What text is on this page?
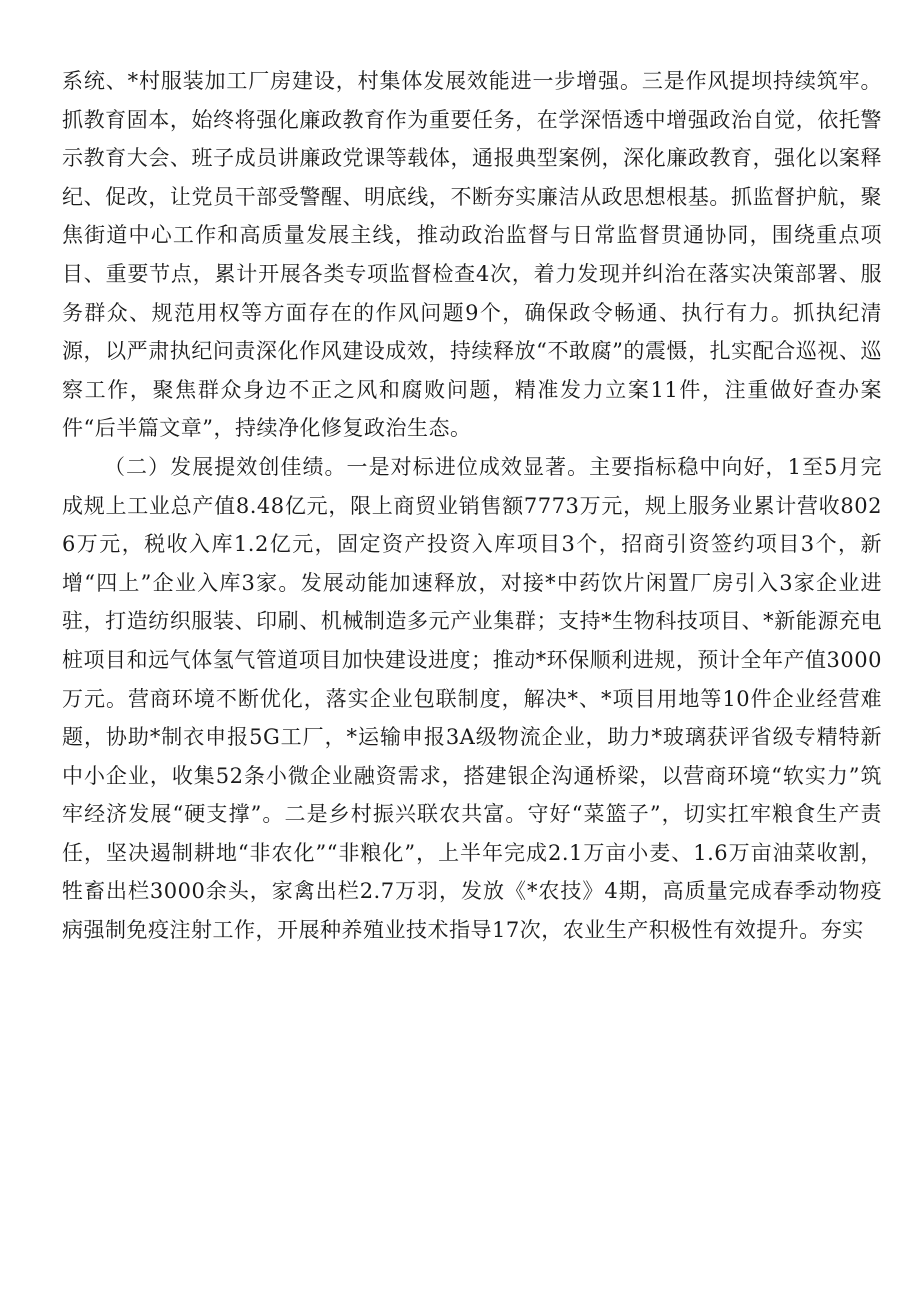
系统、*村服装加工厂房建设，村集体发展效能进一步增强。三是作风提坝持续筑牢。抓教育固本，始终将强化廉政教育作为重要任务，在学深悟透中增强政治自觉，依托警示教育大会、班子成员讲廉政党课等载体，通报典型案例，深化廉政教育，强化以案释纪、促改，让党员干部受警醒、明底线，不断夯实廉洁从政思想根基。抓监督护航，聚焦街道中心工作和高质量发展主线，推动政治监督与日常监督贯通协同，围绕重点项目、重要节点，累计开展各类专项监督检查4次，着力发现并纠治在落实决策部署、服务群众、规范用权等方面存在的作风问题9个，确保政令畅通、执行有力。抓执纪清源，以严肃执纪问责深化作风建设成效，持续释放“不敢腐”的震慑，扎实配合巡视、巡察工作，聚焦群众身边不正之风和腐败问题，精准发力立案11件，注重做好查办案件“后半篇文章”，持续净化修复政治生态。

（二）发展提效创佳绩。一是对标进位成效显著。主要指标稳中向好，1至5月完成规上工业总产值8.48亿元，限上商贸业销售额7773万元，规上服务业累计营收8026万元，税收入库1.2亿元，固定资产投资入库项目3个，招商引资签约项目3个，新增“四上”企业入库3家。发展动能加速释放，对接*中药饮片闲置厂房引入3家企业进驻，打造纺织服装、印刷、机械制造多元产业集群；支持*生物科技项目、*新能源充电桩项目和远气体氢气管道项目加快建设进度；推动*环保顺利进规，预计全年产值3000万元。营商环境不断优化，落实企业包联制度，解决*、*项目用地等10件企业经营难题，协助*制衣申报5G工厂，*运输申报3A级物流企业，助力*玻璃获评省级专精特新中小企业，收集52条小微企业融资需求，搭建银企沟通桥梁，以营商环境“软实力”筑牢经济发展“硬支撑”。二是乡村振兴联农共富。守好“菜篮子”，切实扛牢粮食生产责任，坚决遏制耕地“非农化”“非粮化”，上半年完成2.1万亩小麦、1.6万亩油菜收割，牲畜出栏3000余头，家禽出栏2.7万羽，发放《*农技》4期，高质量完成春季动物疫病强制免疫注射工作，开展种养殖业技术指导17次，农业生产积极性有效提升。夯实
